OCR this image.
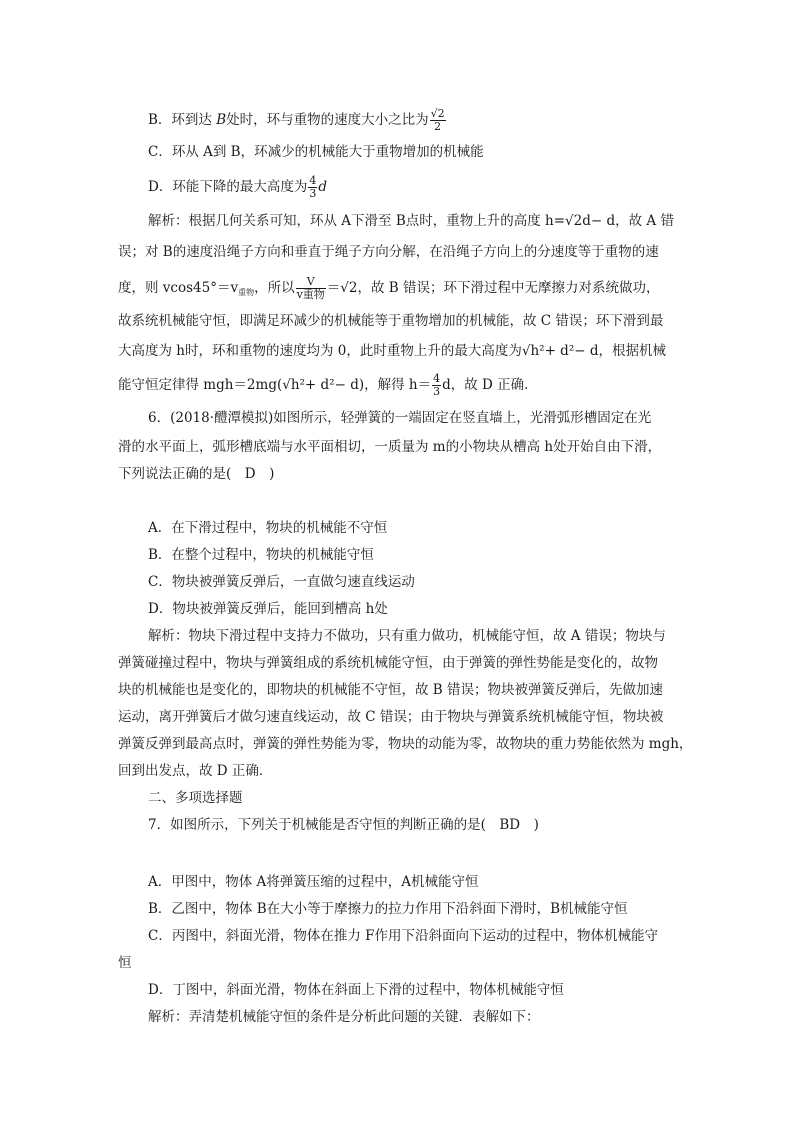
B．环到达 B处时，环与重物的速度大小之比为 $\frac{√2}{2}$
C．环从 A到 B，环减少的机械能大于重物增加的机械能
D．环能下降的最大高度为 $\frac{4}{3}$ d
解析：根据几何关系可知，环从 A下滑至 B点时，重物上升的高度 h=√2d− d，故 A 错
误；对 B的速度沿绳子方向和垂直于绳子方向分解，在沿绳子方向上的分速度等于重物的速
度，则 $vcos45^\circ=v_{重物}$，所以 $\frac{V}{\text{v重物}} =√2$，故 B 错误；环下滑过程中无摩擦力对系统做功，
故系统机械能守恒，即满足环减少的机械能等于重物增加的机械能，故 C 错误；环下滑到最
大高度为 h时，环和重物的速度均为 0，此时重物上升的最大高度为√h²+ d²− d，根据机械
能守恒定律得 mgh＝2mg(√h²+ d²− d)，解得 $h= \frac{4}{3}$ d，故 D 正确．
6．(2018·醴潭模拟)如图所示，轻弹簧的一端固定在竖直墙上，光滑弧形槽固定在光
滑的水平面上，弧形槽底端与水平面相切，一质量为 m的小物块从槽高 h处开始自由下滑，
下列说法正确的是(　D　)
A．在下滑过程中，物块的机械能不守恒
B．在整个过程中，物块的机械能守恒
C．物块被弹簧反弹后，一直做匀速直线运动
D．物块被弹簧反弹后，能回到槽高 h处
解析：物块下滑过程中支持力不做功，只有重力做功，机械能守恒，故 A 错误；物块与
弹簧碰撞过程中，物块与弹簧组成的系统机械能守恒，由于弹簧的弹性势能是变化的，故物
块的机械能也是变化的，即物块的机械能不守恒，故 B 错误；物块被弹簧反弹后，先做加速
运动，离开弹簧后才做匀速直线运动，故 C 错误；由于物块与弹簧系统机械能守恒，物块被
弹簧反弹到最高点时，弹簧的弹性势能为零，物块的动能为零，故物块的重力势能依然为 mgh，
回到出发点，故 D 正确．
二、多项选择题
7．如图所示，下列关于机械能是否守恒的判断正确的是(　BD　)
A．甲图中，物体 A将弹簧压缩的过程中，A机械能守恒
B．乙图中，物体 B在大小等于摩擦力的拉力作用下沿斜面下滑时，B机械能守恒
C．丙图中，斜面光滑，物体在推力 F作用下沿斜面向下运动的过程中，物体机械能守
恒
D．丁图中，斜面光滑，物体在斜面上下滑的过程中，物体机械能守恒
解析：弄清楚机械能守恒的条件是分析此问题的关键．表解如下：
